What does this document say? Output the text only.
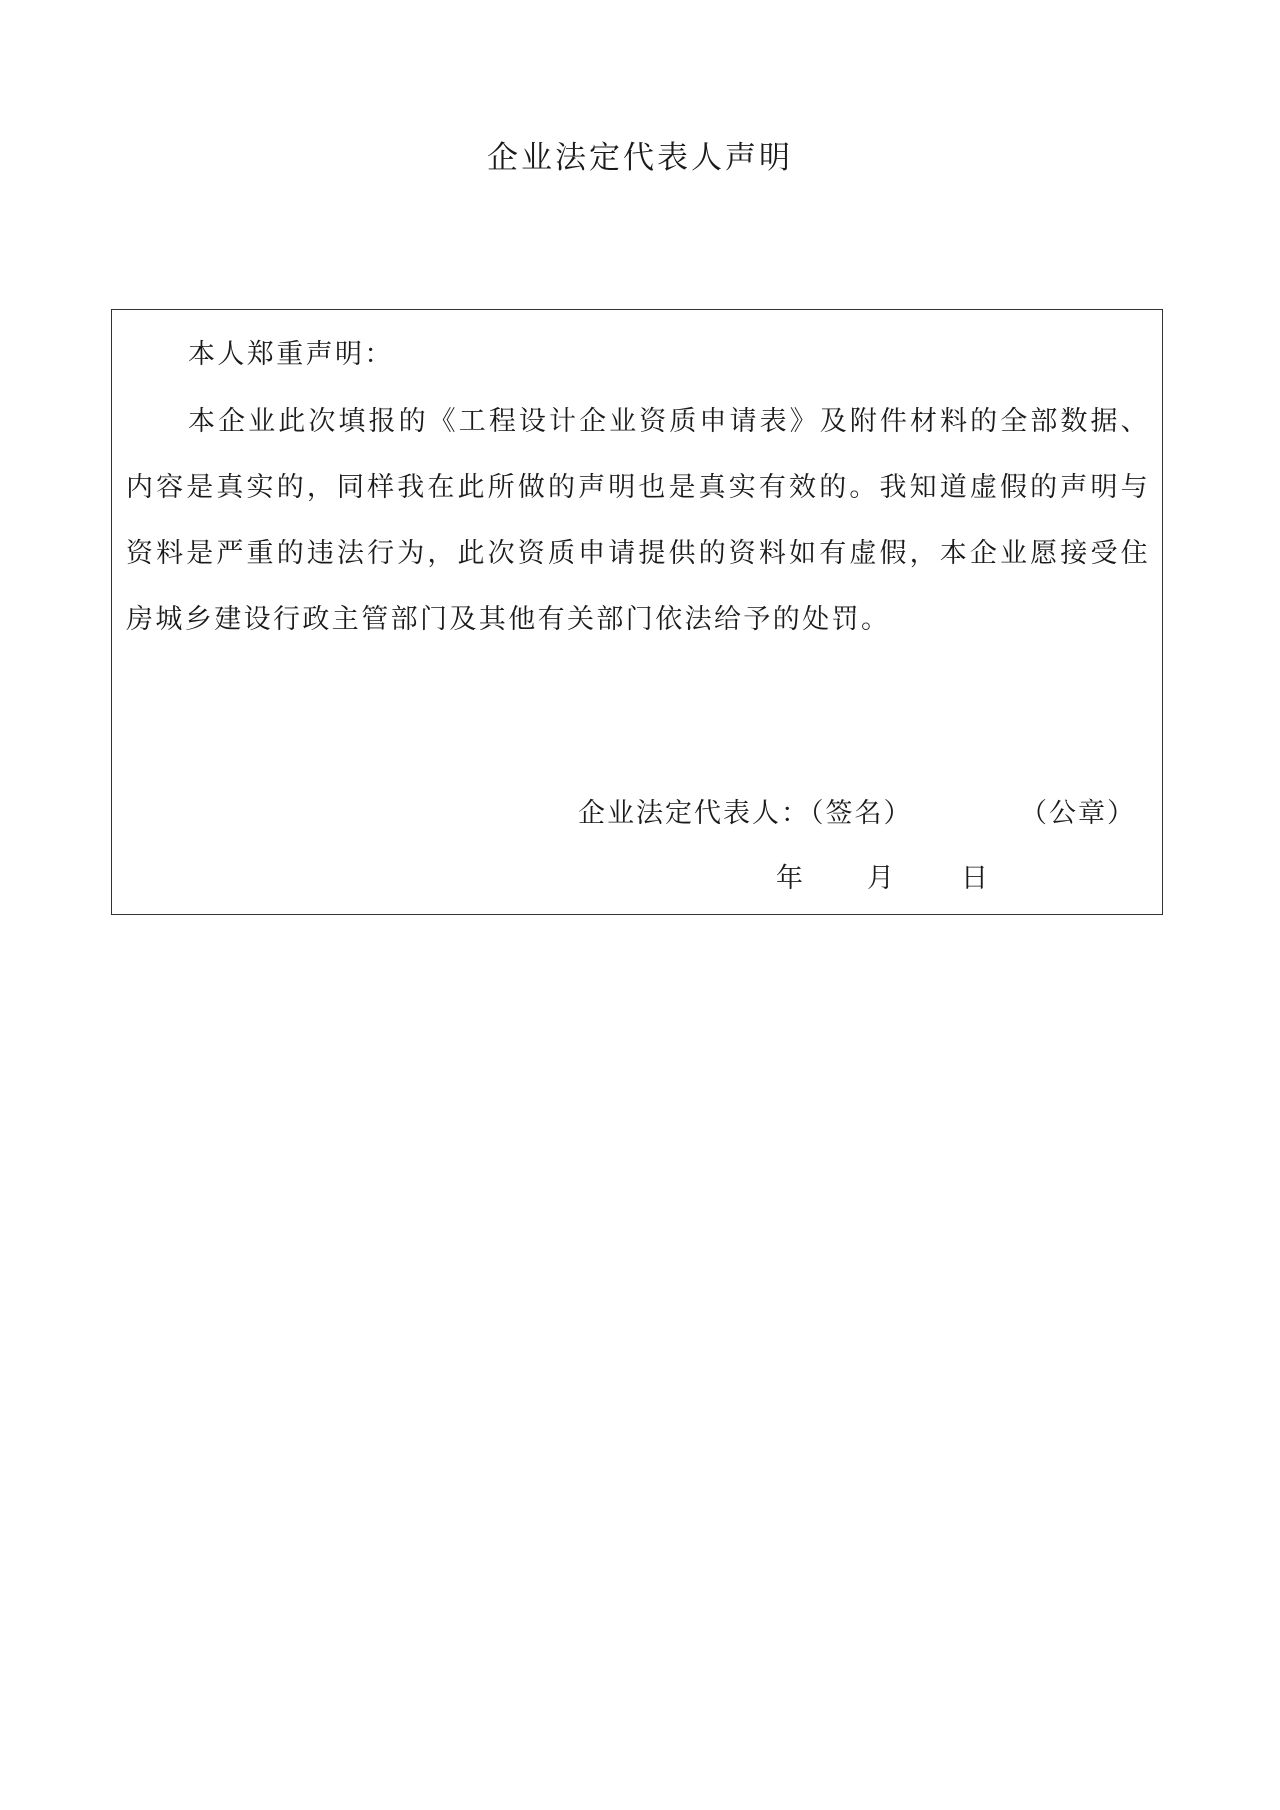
企业法定代表人声明

本人郑重声明：

本企业此次填报的《工程设计企业资质申请表》及附件材料的全部数据、内容是真实的，同样我在此所做的声明也是真实有效的。我知道虚假的声明与资料是严重的违法行为，此次资质申请提供的资料如有虚假，本企业愿接受住房城乡建设行政主管部门及其他有关部门依法给予的处罚。

企业法定代表人：（签名）	（公章）
年 月 日
